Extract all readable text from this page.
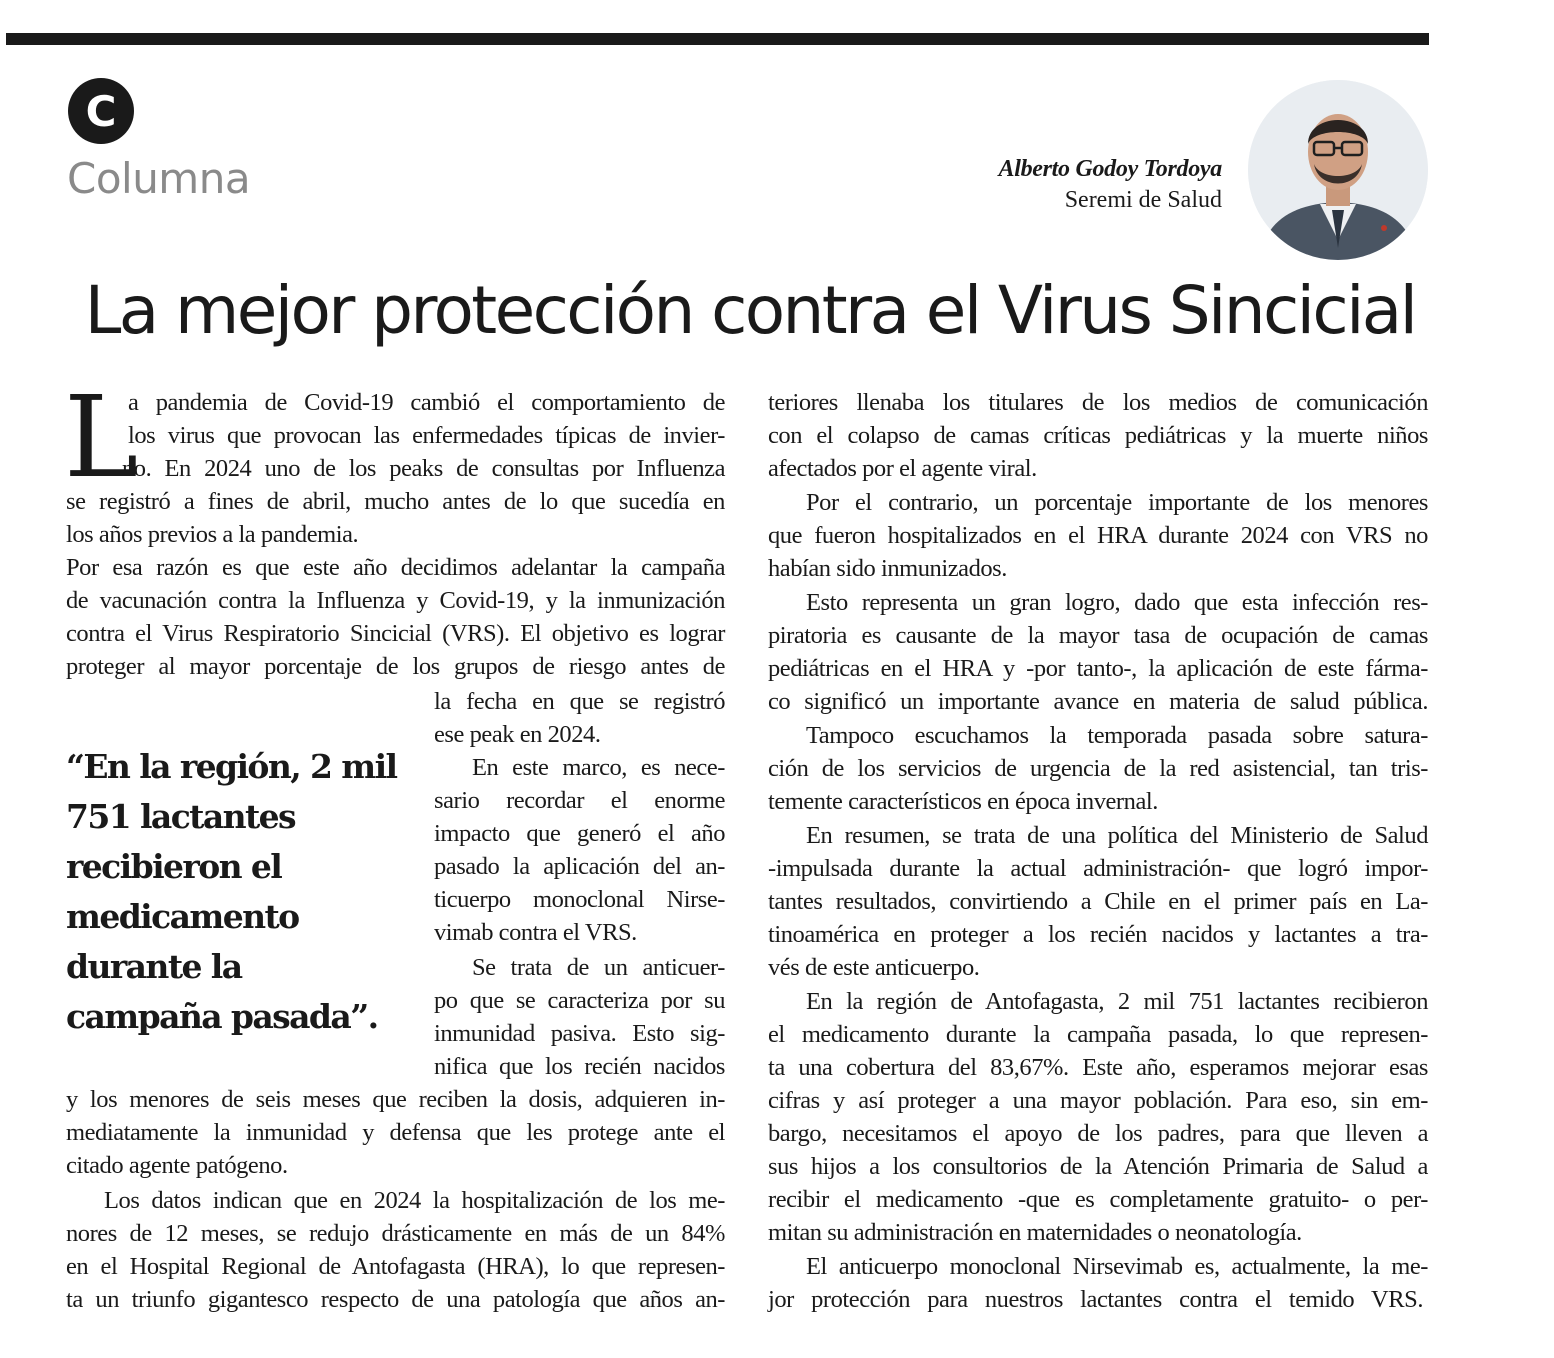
C
Columna	Alberto Godoy Tordoya
Seremi de Salud
La mejor protección contra el Virus Sincicial
L
“En la región, 2 mil
751 lactantes
recibieron el
medicamento
durante la
campaña pasada”.
a pandemia de Covid-19 cambió el comportamiento de
los virus que provocan las enfermedades típicas de invier-
no. En 2024 uno de los peaks de consultas por Influenza
se registró a fines de abril, mucho antes de lo que sucedía en
los años previos a la pandemia.
Por esa razón es que este año decidimos adelantar la campaña
de vacunación contra la Influenza y Covid-19, y la inmunización
contra el Virus Respiratorio Sincicial (VRS). El objetivo es lograr
proteger al mayor porcentaje de los grupos de riesgo antes de
la fecha en que se registró
ese peak en 2024.
En este marco, es nece-
sario recordar el enorme
impacto que generó el año
pasado la aplicación del an-
ticuerpo monoclonal Nirse-
vimab contra el VRS.
Se trata de un anticuer-
po que se caracteriza por su
inmunidad pasiva. Esto sig-
nifica que los recién nacidos
y los menores de seis meses que reciben la dosis, adquieren in-
mediatamente la inmunidad y defensa que les protege ante el
citado agente patógeno.
Los datos indican que en 2024 la hospitalización de los me-
nores de 12 meses, se redujo drásticamente en más de un 84%
en el Hospital Regional de Antofagasta (HRA), lo que represen-
ta un triunfo gigantesco respecto de una patología que años an-
teriores llenaba los titulares de los medios de comunicación
con el colapso de camas críticas pediátricas y la muerte niños
afectados por el agente viral.
Por el contrario, un porcentaje importante de los menores
que fueron hospitalizados en el HRA durante 2024 con VRS no
habían sido inmunizados.
Esto representa un gran logro, dado que esta infección res-
piratoria es causante de la mayor tasa de ocupación de camas
pediátricas en el HRA y -por tanto-, la aplicación de este fárma-
co significó un importante avance en materia de salud pública.
Tampoco escuchamos la temporada pasada sobre satura-
ción de los servicios de urgencia de la red asistencial, tan tris-
temente característicos en época invernal.
En resumen, se trata de una política del Ministerio de Salud
-impulsada durante la actual administración- que logró impor-
tantes resultados, convirtiendo a Chile en el primer país en La-
tinoamérica en proteger a los recién nacidos y lactantes a tra-
vés de este anticuerpo.
En la región de Antofagasta, 2 mil 751 lactantes recibieron
el medicamento durante la campaña pasada, lo que represen-
ta una cobertura del 83,67%. Este año, esperamos mejorar esas
cifras y así proteger a una mayor población. Para eso, sin em-
bargo, necesitamos el apoyo de los padres, para que lleven a
sus hijos a los consultorios de la Atención Primaria de Salud a
recibir el medicamento -que es completamente gratuito- o per-
mitan su administración en maternidades o neonatología.
El anticuerpo monoclonal Nirsevimab es, actualmente, la me-
jor protección para nuestros lactantes contra el temido VRS.
